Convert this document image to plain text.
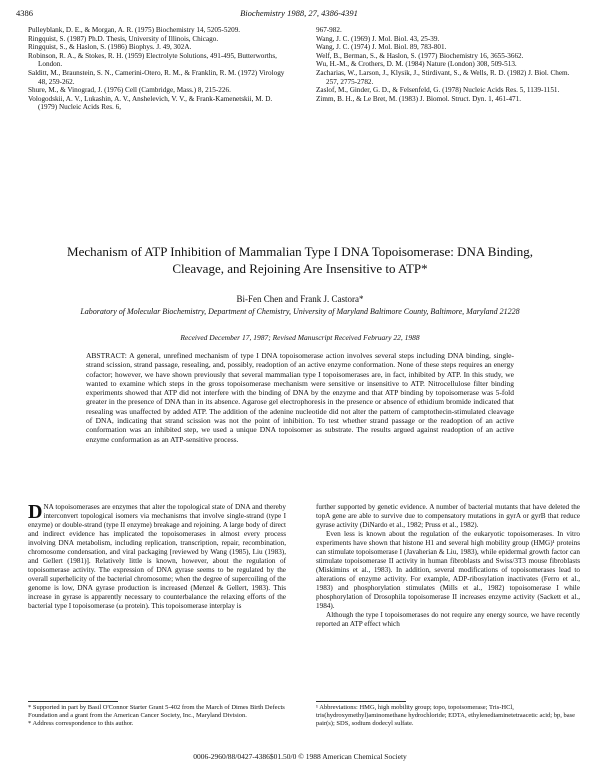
4386	Biochemistry 1988, 27, 4386-4391
Pulleyblank, D. E., & Morgan, A. R. (1975) Biochemistry 14, 5205-5209.
Ringquist, S. (1987) Ph.D. Thesis, University of Illinois, Chicago.
Ringquist, S., & Haslon, S. (1986) Biophys. J. 49, 302A.
Robinson, R. A., & Stokes, R. H. (1959) Electrolyte Solutions, 491-495, Butterworths, London.
Salditt, M., Braunstein, S. N., Camerini-Otero, R. M., & Franklin, R. M. (1972) Virology 48, 259-262.
Shure, M., & Vinograd, J. (1976) Cell (Cambridge, Mass.) 8, 215-226.
Vologodskii, A. V., Lukashin, A. V., Anshelevich, V. V., & Frank-Kamenetskii, M. D. (1979) Nucleic Acids Res. 6,
967-982.
Wang, J. C. (1969) J. Mol. Biol. 43, 25-39.
Wang, J. C. (1974) J. Mol. Biol. 89, 783-801.
Welf, B., Berman, S., & Haslon, S. (1977) Biochemistry 16, 3655-3662.
Wu, H.-M., & Crothers, D. M. (1984) Nature (London) 308, 509-513.
Zacharias, W., Larson, J., Klysik, J., Stirdivant, S., & Wells, R. D. (1982) J. Biol. Chem. 257, 2775-2782.
Zaslof, M., Ginder, G. D., & Felsenfeld, G. (1978) Nucleic Acids Res. 5, 1139-1151.
Zimm, B. H., & Le Bret, M. (1983) J. Biomol. Struct. Dyn. 1, 461-471.
Mechanism of ATP Inhibition of Mammalian Type I DNA Topoisomerase: DNA Binding, Cleavage, and Rejoining Are Insensitive to ATP*
Bi-Fen Chen and Frank J. Castora*
Laboratory of Molecular Biochemistry, Department of Chemistry, University of Maryland Baltimore County, Baltimore, Maryland 21228
Received December 17, 1987; Revised Manuscript Received February 22, 1988
ABSTRACT: A general, unrefined mechanism of type I DNA topoisomerase action involves several steps including DNA binding, single-strand scission, strand passage, resealing, and, possibly, readoption of an active enzyme conformation. None of these steps requires an energy cofactor; however, we have shown previously that several mammalian type I topoisomerases are, in fact, inhibited by ATP. In this study, we wanted to examine which steps in the gross topoisomerase mechanism were sensitive or insensitive to ATP. Nitrocellulose filter binding experiments showed that ATP did not interfere with the binding of DNA by the enzyme and that ATP binding by topoisomerase was 5-fold greater in the presence of DNA than in its absence. Agarose gel electrophoresis in the presence or absence of ethidium bromide indicated that resealing was unaffected by added ATP. The addition of the adenine nucleotide did not alter the pattern of camptothecin-stimulated cleavage of DNA, indicating that strand scission was not the point of inhibition. To test whether strand passage or the readoption of an active conformation was an inhibited step, we used a unique DNA topoisomer as substrate. The results argued against readoption of an active enzyme conformation as an ATP-sensitive process.

DNA topoisomerases are enzymes that alter the topological state of DNA and thereby interconvert topological isomers via mechanisms that involve single-strand (type I enzyme) or double-strand (type II enzyme) breakage and rejoining. A large body of direct and indirect evidence has implicated the topoisomerases in almost every process involving DNA metabolism, including replication, transcription, repair, recombination, chromosome condensation, and viral packaging [reviewed by Wang (1985), Liu (1983), and Gellert (1981)]. Relatively little is known, however, about the regulation of topoisomerase activity. The expression of DNA gyrase seems to be regulated by the overall superhelicity of the bacterial chromosome; when the degree of supercoiling of the genome is low, DNA gyrase production is increased (Menzel & Gellert, 1983). This increase in gyrase is apparently necessary to counterbalance the relaxing efforts of the bacterial type I topoisomerase (ω protein). This topoisomerase interplay is

further supported by genetic evidence. A number of bacterial mutants that have deleted the topA gene are able to survive due to compensatory mutations in gyrA or gyrB that reduce gyrase activity (DiNardo et al., 1982; Pruss et al., 1982).

Even less is known about the regulation of the eukaryotic topoisomerases. In vitro experiments have shown that histone H1 and several high mobility group (HMG)¹ proteins can stimulate topoisomerase I (Javaherian & Liu, 1983), while epidermal growth factor can stimulate topoisomerase II activity in human fibroblasts and Swiss/3T3 mouse fibroblasts (Miskimins et al., 1983). In addition, several modifications of topoisomerases lead to alterations of enzyme activity. For example, ADP-ribosylation inactivates (Ferro et al., 1983) and phosphorylation stimulates (Mills et al., 1982) topoisomerase I while phosphorylation of Drosophila topoisomerase II increases enzyme activity (Sackett et al., 1984).

Although the type I topoisomerases do not require any energy source, we have recently reported an ATP effect which

* Supported in part by Basil O'Connor Starter Grant 5-402 from the March of Dimes Birth Defects Foundation and a grant from the American Cancer Society, Inc., Maryland Division.
* Address correspondence to this author.
¹ Abbreviations: HMG, high mobility group; topo, topoisomerase; Tris-HCl, tris(hydroxymethyl)aminomethane hydrochloride; EDTA, ethylenediaminetetraacetic acid; bp, base pair(s); SDS, sodium dodecyl sulfate.
0006-2960/88/0427-4386$01.50/0 © 1988 American Chemical Society
